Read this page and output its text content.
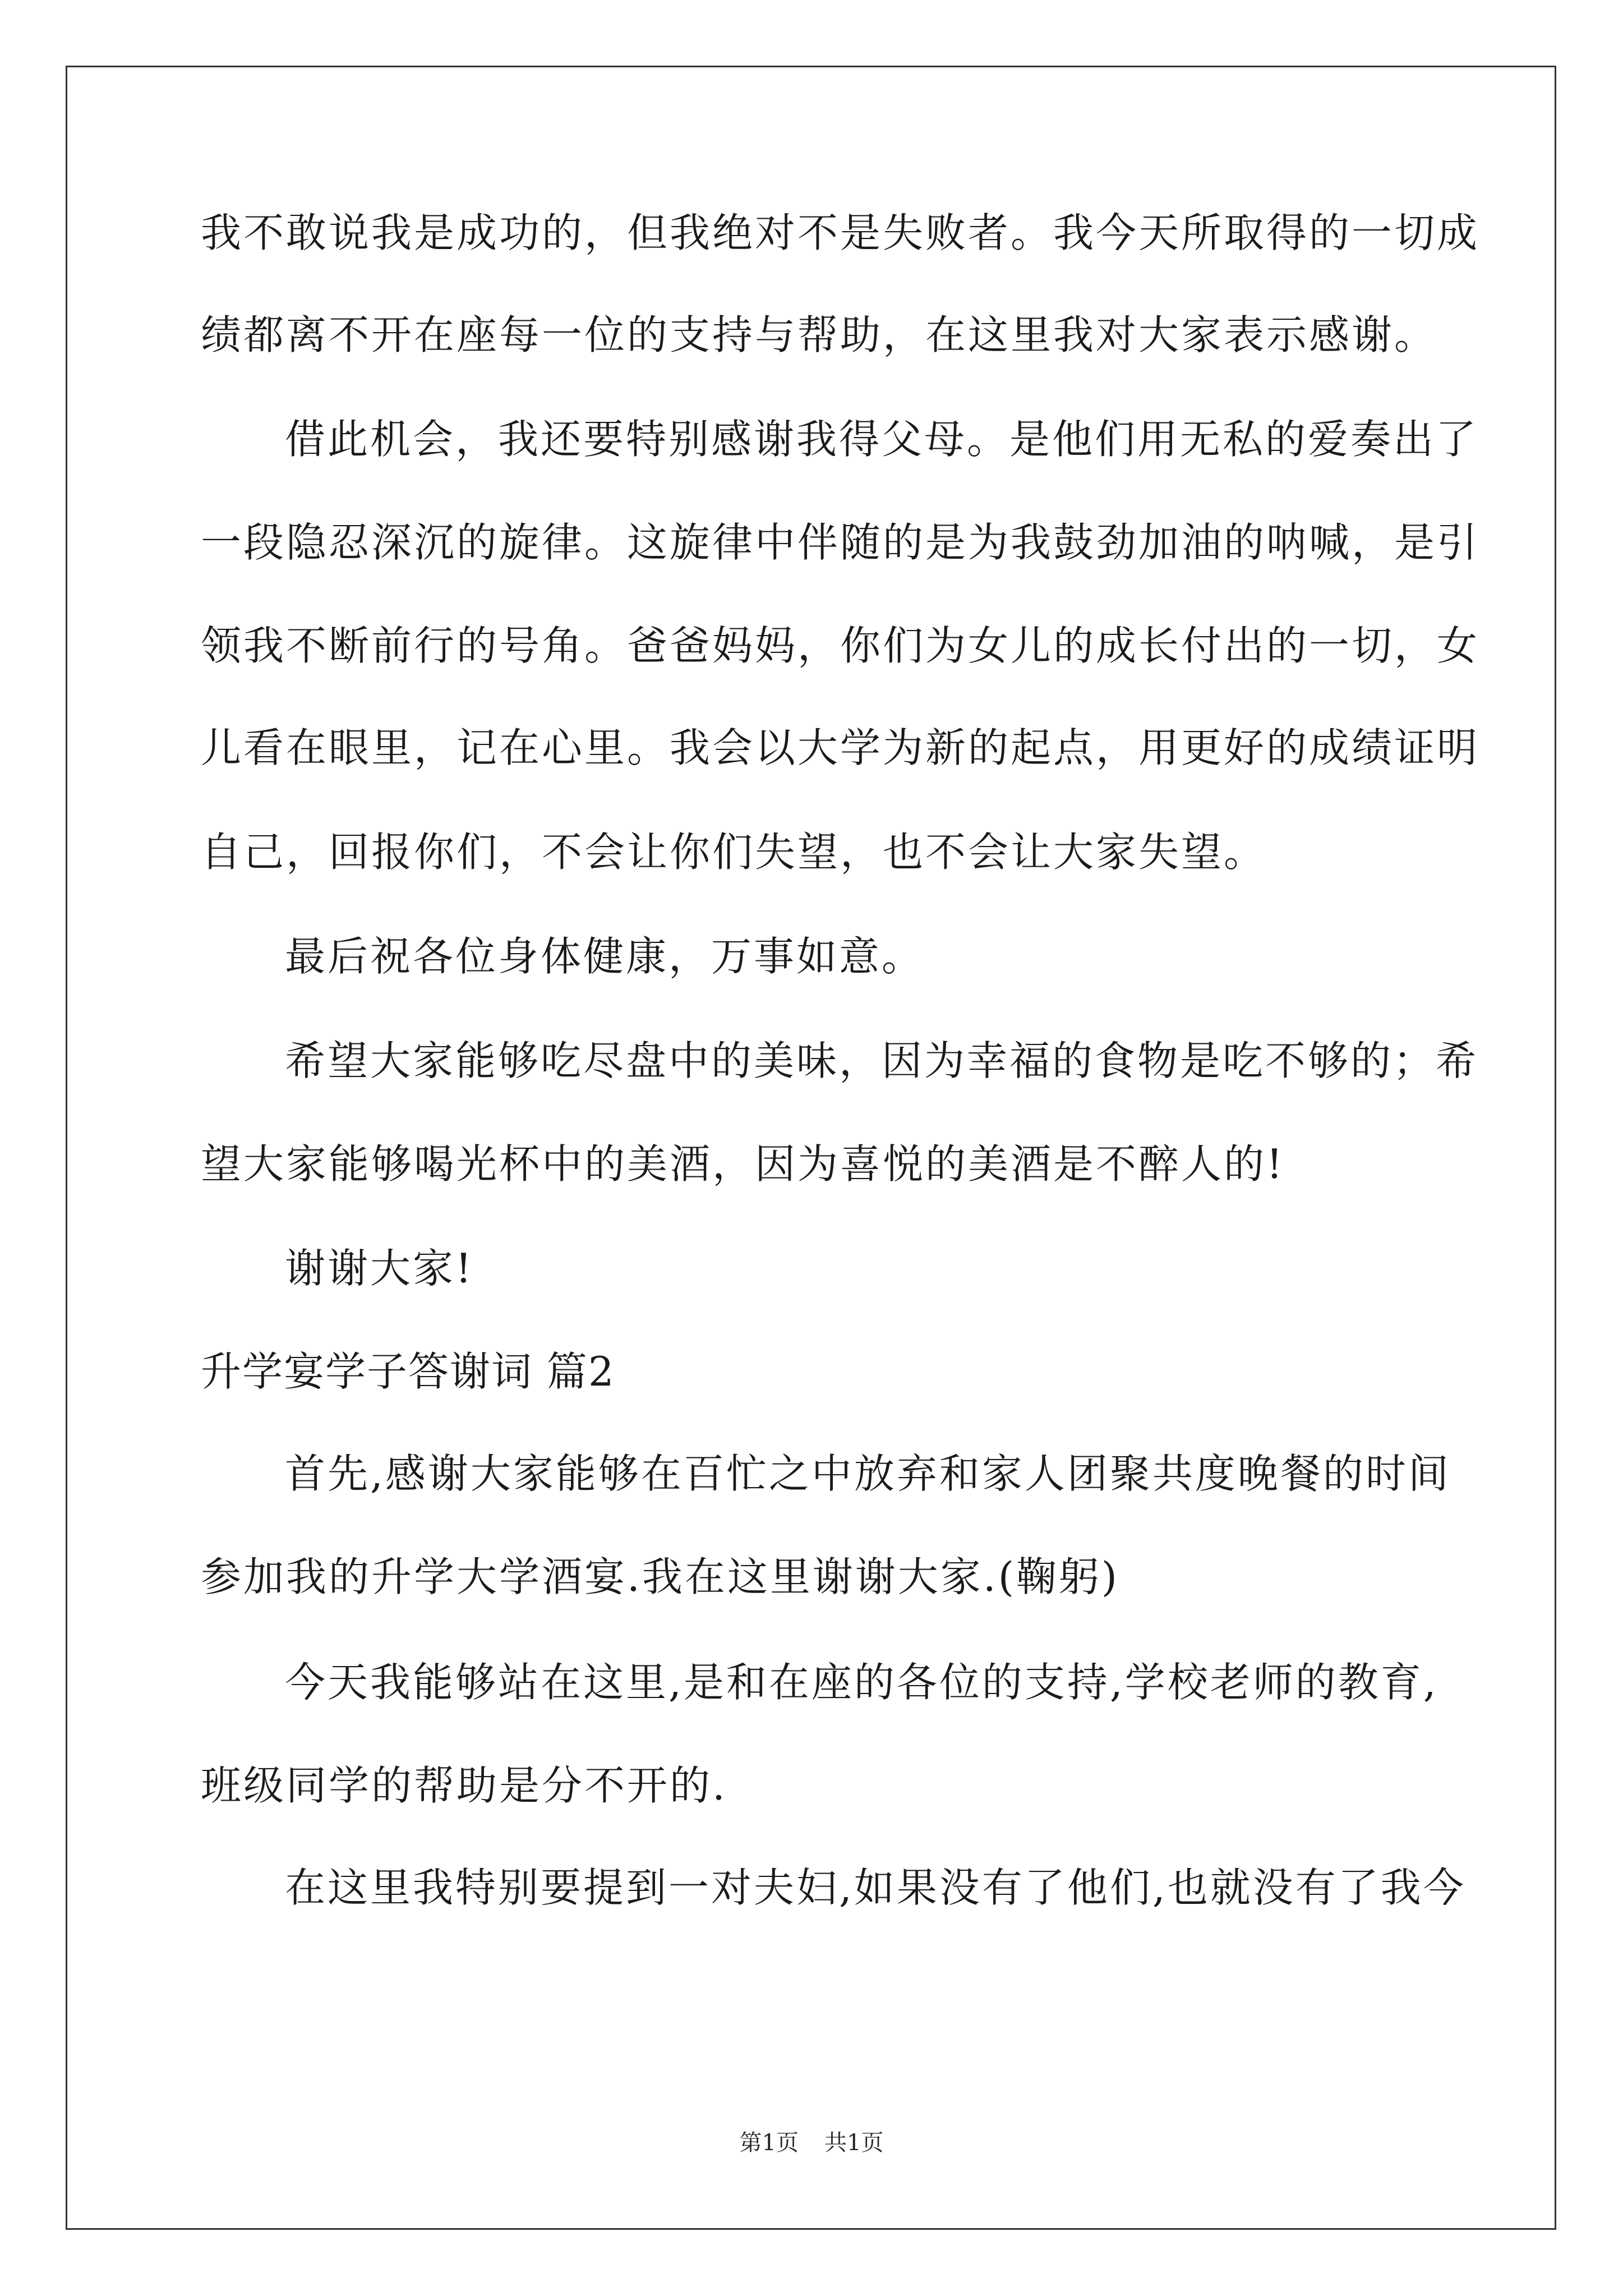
我不敢说我是成功的，但我绝对不是失败者。我今天所取得的一切成
绩都离不开在座每一位的支持与帮助，在这里我对大家表示感谢。
借此机会，我还要特别感谢我得父母。是他们用无私的爱奏出了
一段隐忍深沉的旋律。这旋律中伴随的是为我鼓劲加油的呐喊，是引
领我不断前行的号角。爸爸妈妈，你们为女儿的成长付出的一切，女
儿看在眼里，记在心里。我会以大学为新的起点，用更好的成绩证明
自己，回报你们，不会让你们失望，也不会让大家失望。
最后祝各位身体健康，万事如意。
希望大家能够吃尽盘中的美味，因为幸福的食物是吃不够的；希
望大家能够喝光杯中的美酒，因为喜悦的美酒是不醉人的!
谢谢大家!
升学宴学子答谢词 篇2
首先,感谢大家能够在百忙之中放弃和家人团聚共度晚餐的时间
参加我的升学大学酒宴.我在这里谢谢大家.(鞠躬)
今天我能够站在这里,是和在座的各位的支持,学校老师的教育,
班级同学的帮助是分不开的.
在这里我特别要提到一对夫妇,如果没有了他们,也就没有了我今
第1页 共1页
